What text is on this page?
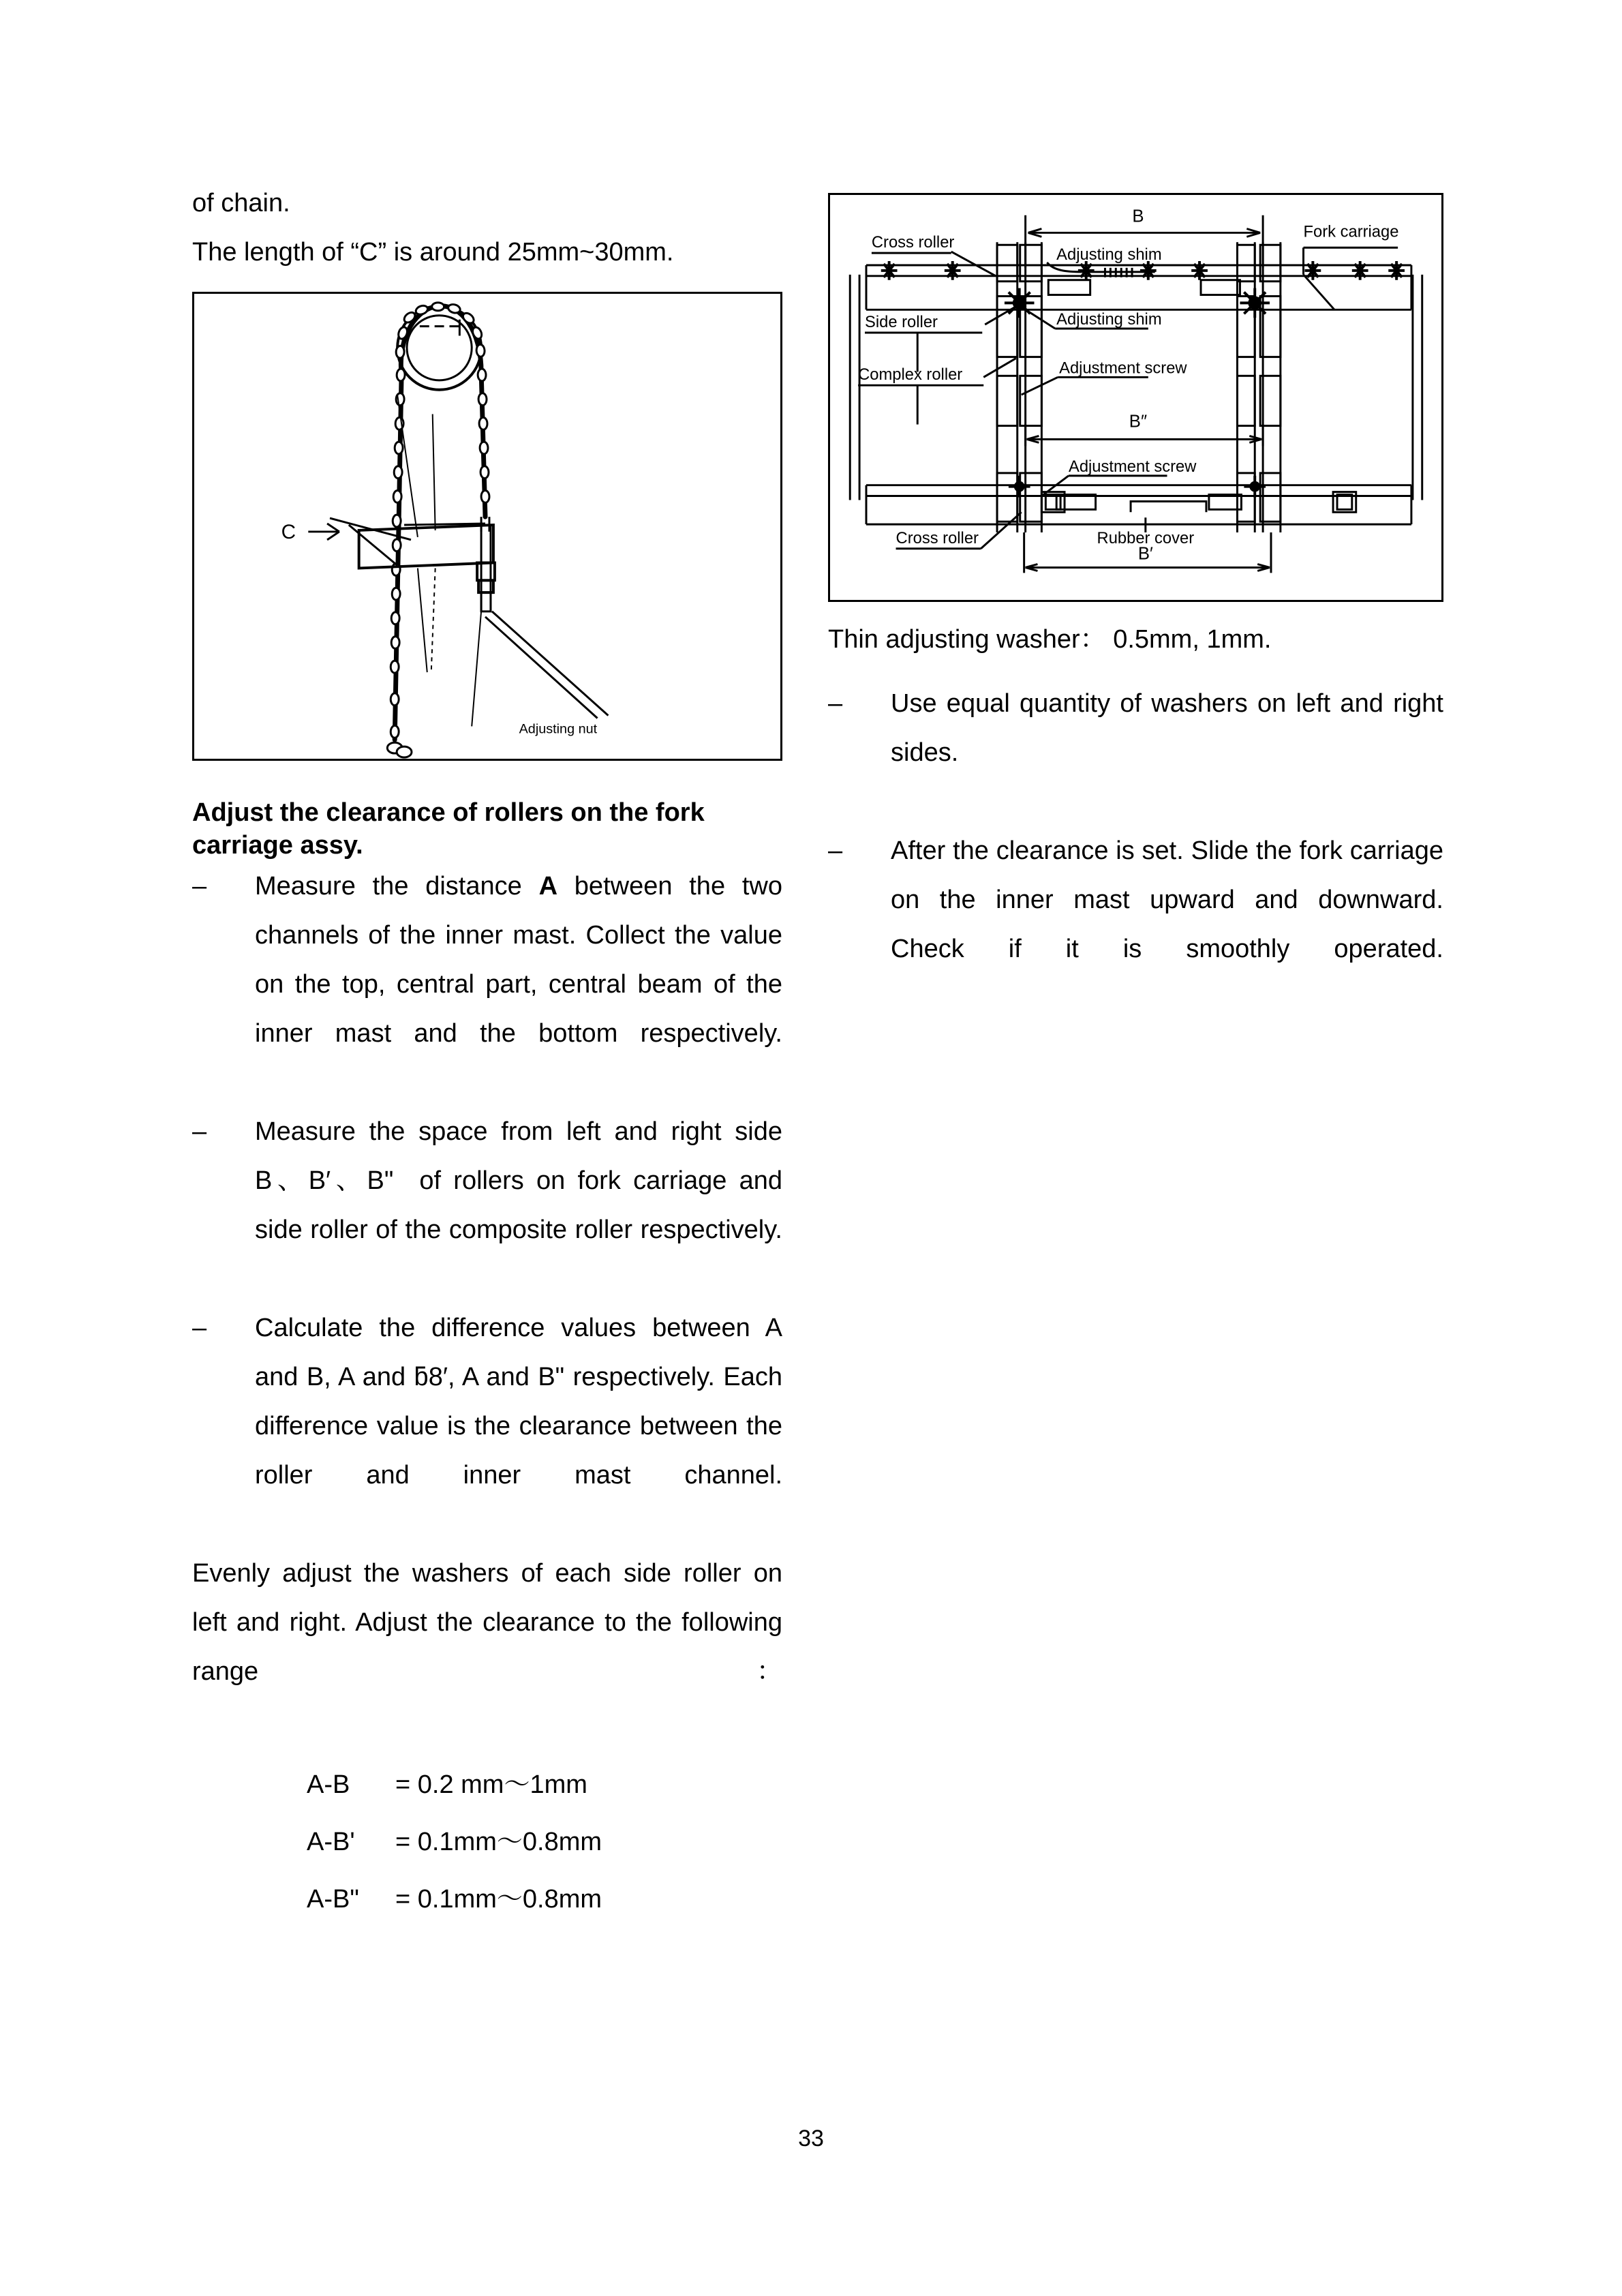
of chain.
The length of “C” is around 25mm~30mm.
C
Adjusting nut
Adjust the clearance of rollers on the fork carriage assy.
–	Measure the distance A between the two channels of the inner mast. Collect the value on the top, central part, central beam of the inner mast and the bottom respectively.
–	Measure the space from left and right side B、B′、B" of rollers on fork carriage and side roller of the composite roller respectively.
–	Calculate the difference values between A and B, A and ƃ8′, A and B" respectively. Each difference value is the clearance between the roller and inner mast channel.
Evenly adjust the washers of each side roller on left and right. Adjust the clearance to the following range：
A-B = 0.2 mm～1mm
A-B' = 0.1mm～0.8mm
A-B" = 0.1mm～0.8mm
B
B″
B′
Cross roller
Adjusting shim
Adjusting shim
Side roller
Complex roller	Adjustment screw
Adjustment screw
Cross roller	Rubber cover
Fork carriage
Thin adjusting washer： 0.5mm, 1mm.
–	Use equal quantity of washers on left and right sides.
–	After the clearance is set. Slide the fork carriage on the inner mast upward and downward. Check if it is smoothly operated.
33
